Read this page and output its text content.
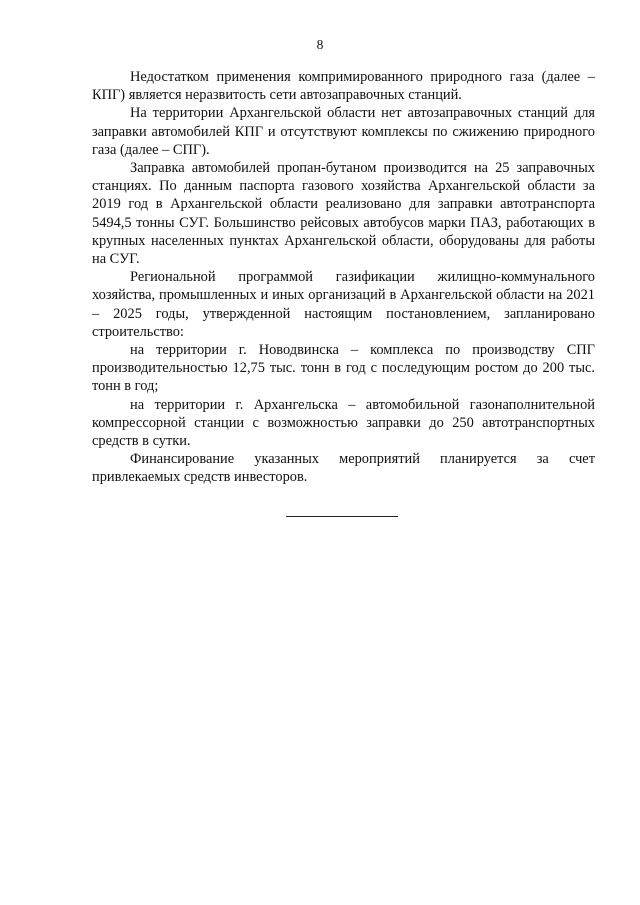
8

Недостатком применения компримированного природного газа (далее – КПГ) является неразвитость сети автозаправочных станций.

На территории Архангельской области нет автозаправочных станций для заправки автомобилей КПГ и отсутствуют комплексы по сжижению природного газа (далее – СПГ).

Заправка автомобилей пропан-бутаном производится на 25 заправочных станциях. По данным паспорта газового хозяйства Архангельской области за 2019 год в Архангельской области реализовано для заправки автотранспорта 5494,5 тонны СУГ. Большинство рейсовых автобусов марки ПАЗ, работающих в крупных населенных пунктах Архангельской области, оборудованы для работы на СУГ.

Региональной программой газификации жилищно-коммунального хозяйства, промышленных и иных организаций в Архангельской области на 2021 – 2025 годы, утвержденной настоящим постановлением, запланировано строительство:

на территории г. Новодвинска – комплекса по производству СПГ производительностью 12,75 тыс. тонн в год с последующим ростом до 200 тыс. тонн в год;

на территории г. Архангельска – автомобильной газонаполнительной компрессорной станции с возможностью заправки до 250 автотранспортных средств в сутки.

Финансирование указанных мероприятий планируется за счет привлекаемых средств инвесторов.
